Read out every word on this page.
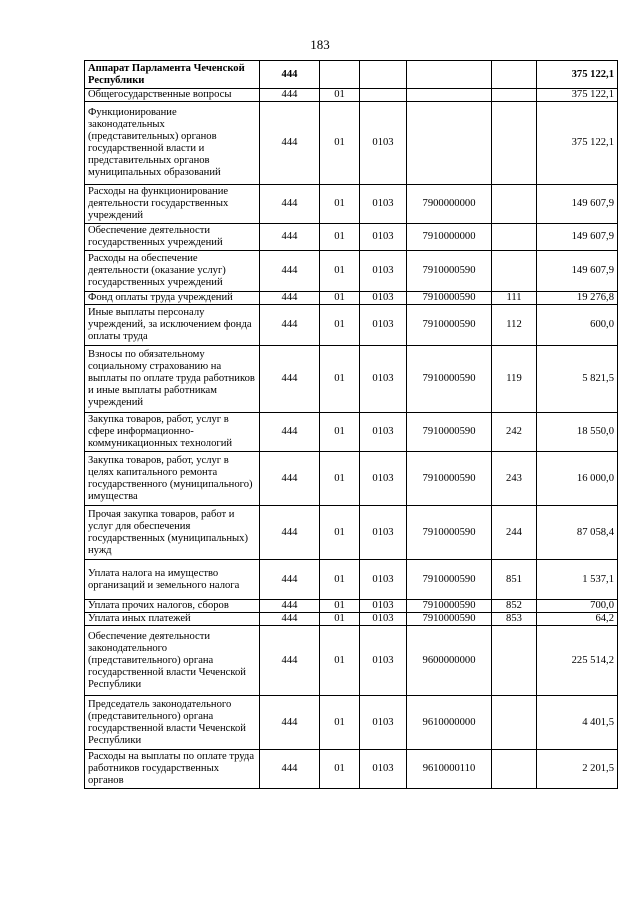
183
Аппарат Парламента Чеченской Республики	444					375 122,1
Общегосударственные вопросы	444	01				375 122,1
Функционирование законодательных (представительных) органов государственной власти и представительных органов муниципальных образований	444	01	0103			375 122,1
Расходы на функционирование деятельности государственных учреждений	444	01	0103	7900000000		149 607,9
Обеспечение деятельности государственных учреждений	444	01	0103	7910000000		149 607,9
Расходы на обеспечение деятельности (оказание услуг) государственных учреждений	444	01	0103	7910000590		149 607,9
Фонд оплаты труда учреждений	444	01	0103	7910000590	111	19 276,8
Иные выплаты персоналу учреждений, за исключением фонда оплаты труда	444	01	0103	7910000590	112	600,0
Взносы по обязательному социальному страхованию на выплаты по оплате труда работников и иные выплаты работникам учреждений	444	01	0103	7910000590	119	5 821,5
Закупка товаров, работ, услуг в сфере информационно-коммуникационных технологий	444	01	0103	7910000590	242	18 550,0
Закупка товаров, работ, услуг в целях капитального ремонта государственного (муниципального) имущества	444	01	0103	7910000590	243	16 000,0
Прочая закупка товаров, работ и услуг для обеспечения государственных (муниципальных) нужд	444	01	0103	7910000590	244	87 058,4
Уплата налога на имущество организаций и земельного налога	444	01	0103	7910000590	851	1 537,1
Уплата прочих налогов, сборов	444	01	0103	7910000590	852	700,0
Уплата иных платежей	444	01	0103	7910000590	853	64,2
Обеспечение деятельности законодательного (представительного) органа государственной власти Чеченской Республики	444	01	0103	9600000000		225 514,2
Председатель законодательного (представительного) органа государственной власти Чеченской Республики	444	01	0103	9610000000		4 401,5
Расходы на выплаты по оплате труда работников государственных органов	444	01	0103	9610000110		2 201,5
